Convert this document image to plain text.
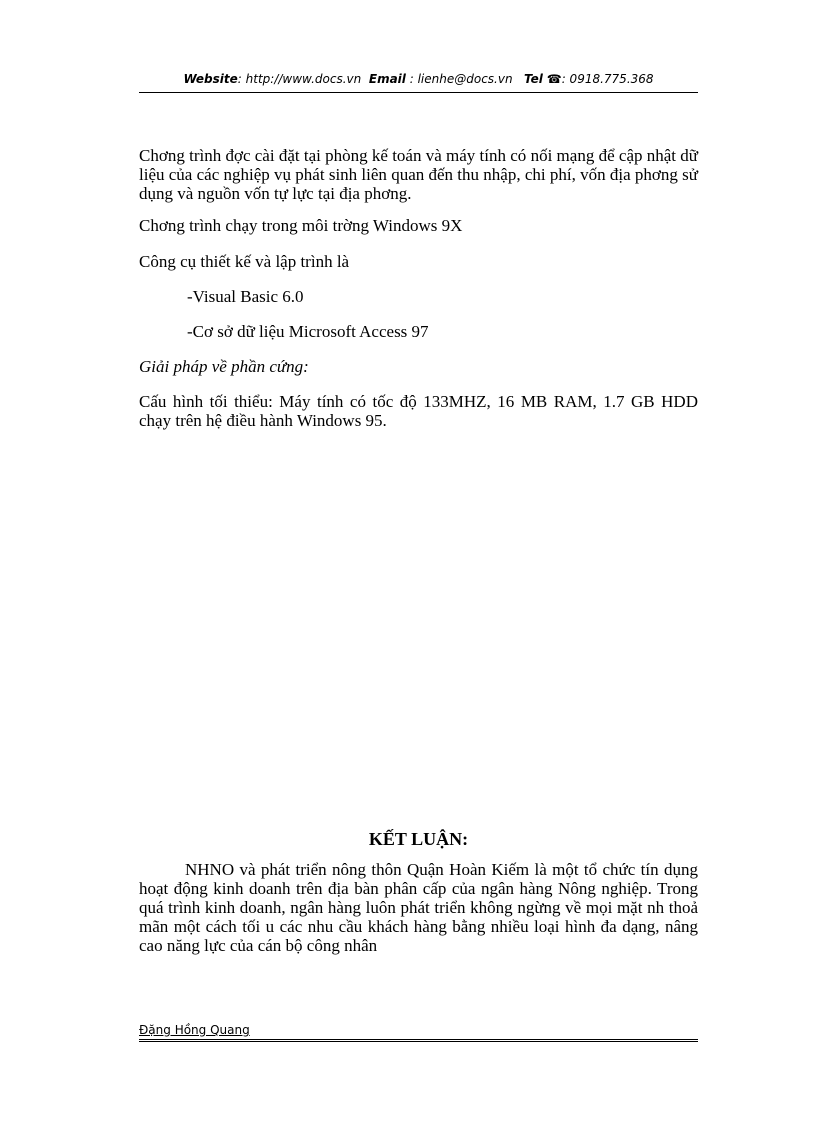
Website: http://www.docs.vn Email : lienhe@docs.vn Tel ☎: 0918.775.368

Chơng trình đợc cài đặt tại phòng kế toán và máy tính có nối mạng để cập nhật dữ liệu của các nghiệp vụ phát sinh liên quan đến thu nhập, chi phí, vốn địa phơng sử dụng và nguồn vốn tự lực tại địa phơng.

Chơng trình chạy trong môi trờng Windows 9X

Công cụ thiết kế và lập trình là

-Visual Basic 6.0

-Cơ sở dữ liệu Microsoft Access 97

Giải pháp về phần cứng:

Cấu hình tối thiểu: Máy tính có tốc độ 133MHZ, 16 MB RAM, 1.7 GB HDD chạy trên hệ điều hành Windows 95.

KẾT LUẬN:

NHNO và phát triển nông thôn Quận Hoàn Kiếm là một tổ chức tín dụng hoạt động kinh doanh trên địa bàn phân cấp của ngân hàng Nông nghiệp. Trong quá trình kinh doanh, ngân hàng luôn phát triển không ngừng về mọi mặt nh thoả mãn một cách tối u các nhu cầu khách hàng bằng nhiều loại hình đa dạng, nâng cao năng lực của cán bộ công nhân

Đặng Hồng Quang
